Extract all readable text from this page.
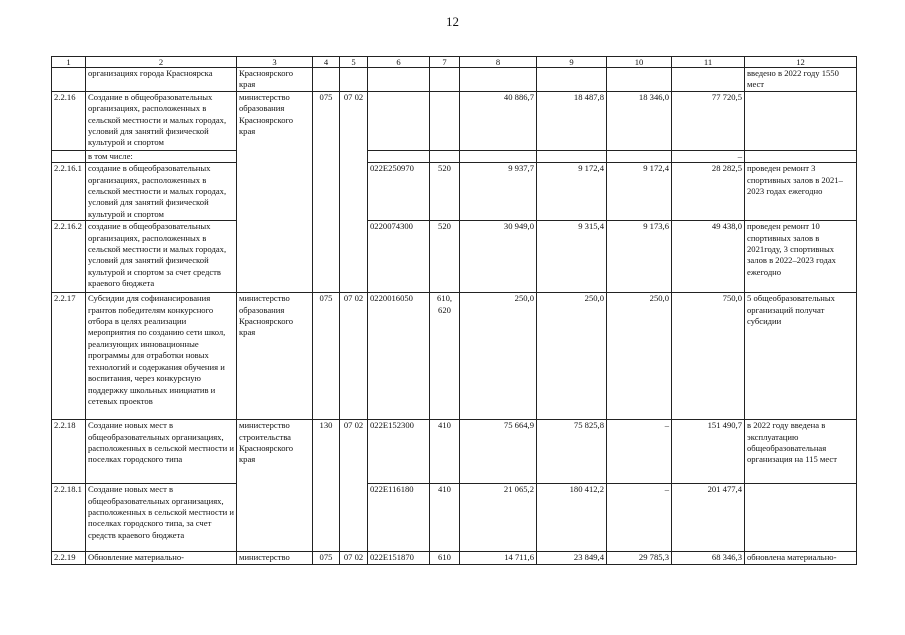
12
1	2	3	4	5	6	7	8	9	10	11	12
	организациях города Красноярска	Красноярского края									введено в 2022 году 1550 мест
2.2.16	Создание в общеобразовательных организациях, расположенных в сельской местности и малых городах, условий для занятий физической культурой и спортом	министерство образования Красноярского края	075	07 02			40 886,7	18 487,8	18 346,0	77 720,5	
	в том числе:									–	
2.2.16.1	создание в общеобразовательных организациях, расположенных в сельской местности и малых городах, условий для занятий физической культурой и спортом				022Е250970	520	9 937,7	9 172,4	9 172,4	28 282,5	проведен ремонт 3 спортивных залов в 2021–2023 годах ежегодно
2.2.16.2	создание в общеобразовательных организациях, расположенных в сельской местности и малых городах, условий для занятий физической культурой и спортом за счет средств краевого бюджета				0220074300	520	30 949,0	9 315,4	9 173,6	49 438,0	проведен ремонт 10 спортивных залов в 2021году, 3 спортивных залов в 2022–2023 годах ежегодно
2.2.17	Субсидии для софинансирования грантов победителям конкурсного отбора в целях реализации мероприятия по созданию сети школ, реализующих инновационные программы для отработки новых технологий и содержания обучения и воспитания, через конкурсную поддержку школьных инициатив и сетевых проектов	министерство образования Красноярского края	075	07 02	0220016050	610, 620	250,0	250,0	250,0	750,0	5 общеобразовательных организаций получат субсидии
2.2.18	Создание новых мест в общеобразовательных организациях, расположенных в сельской местности и поселках городского типа	министерство строительства Красноярского края	130	07 02	022Е152300	410	75 664,9	75 825,8	–	151 490,7	в 2022 году введена в эксплуатацию общеобразовательная организация на 115 мест
2.2.18.1	Создание новых мест в общеобразовательных организациях, расположенных в сельской местности и поселках городского типа, за счет средств краевого бюджета				022Е116180	410	21 065,2	180 412,2	–	201 477,4	
2.2.19	Обновление материально-	министерство	075	07 02	022Е151870	610	14 711,6	23 849,4	29 785,3	68 346,3	обновлена материально-
